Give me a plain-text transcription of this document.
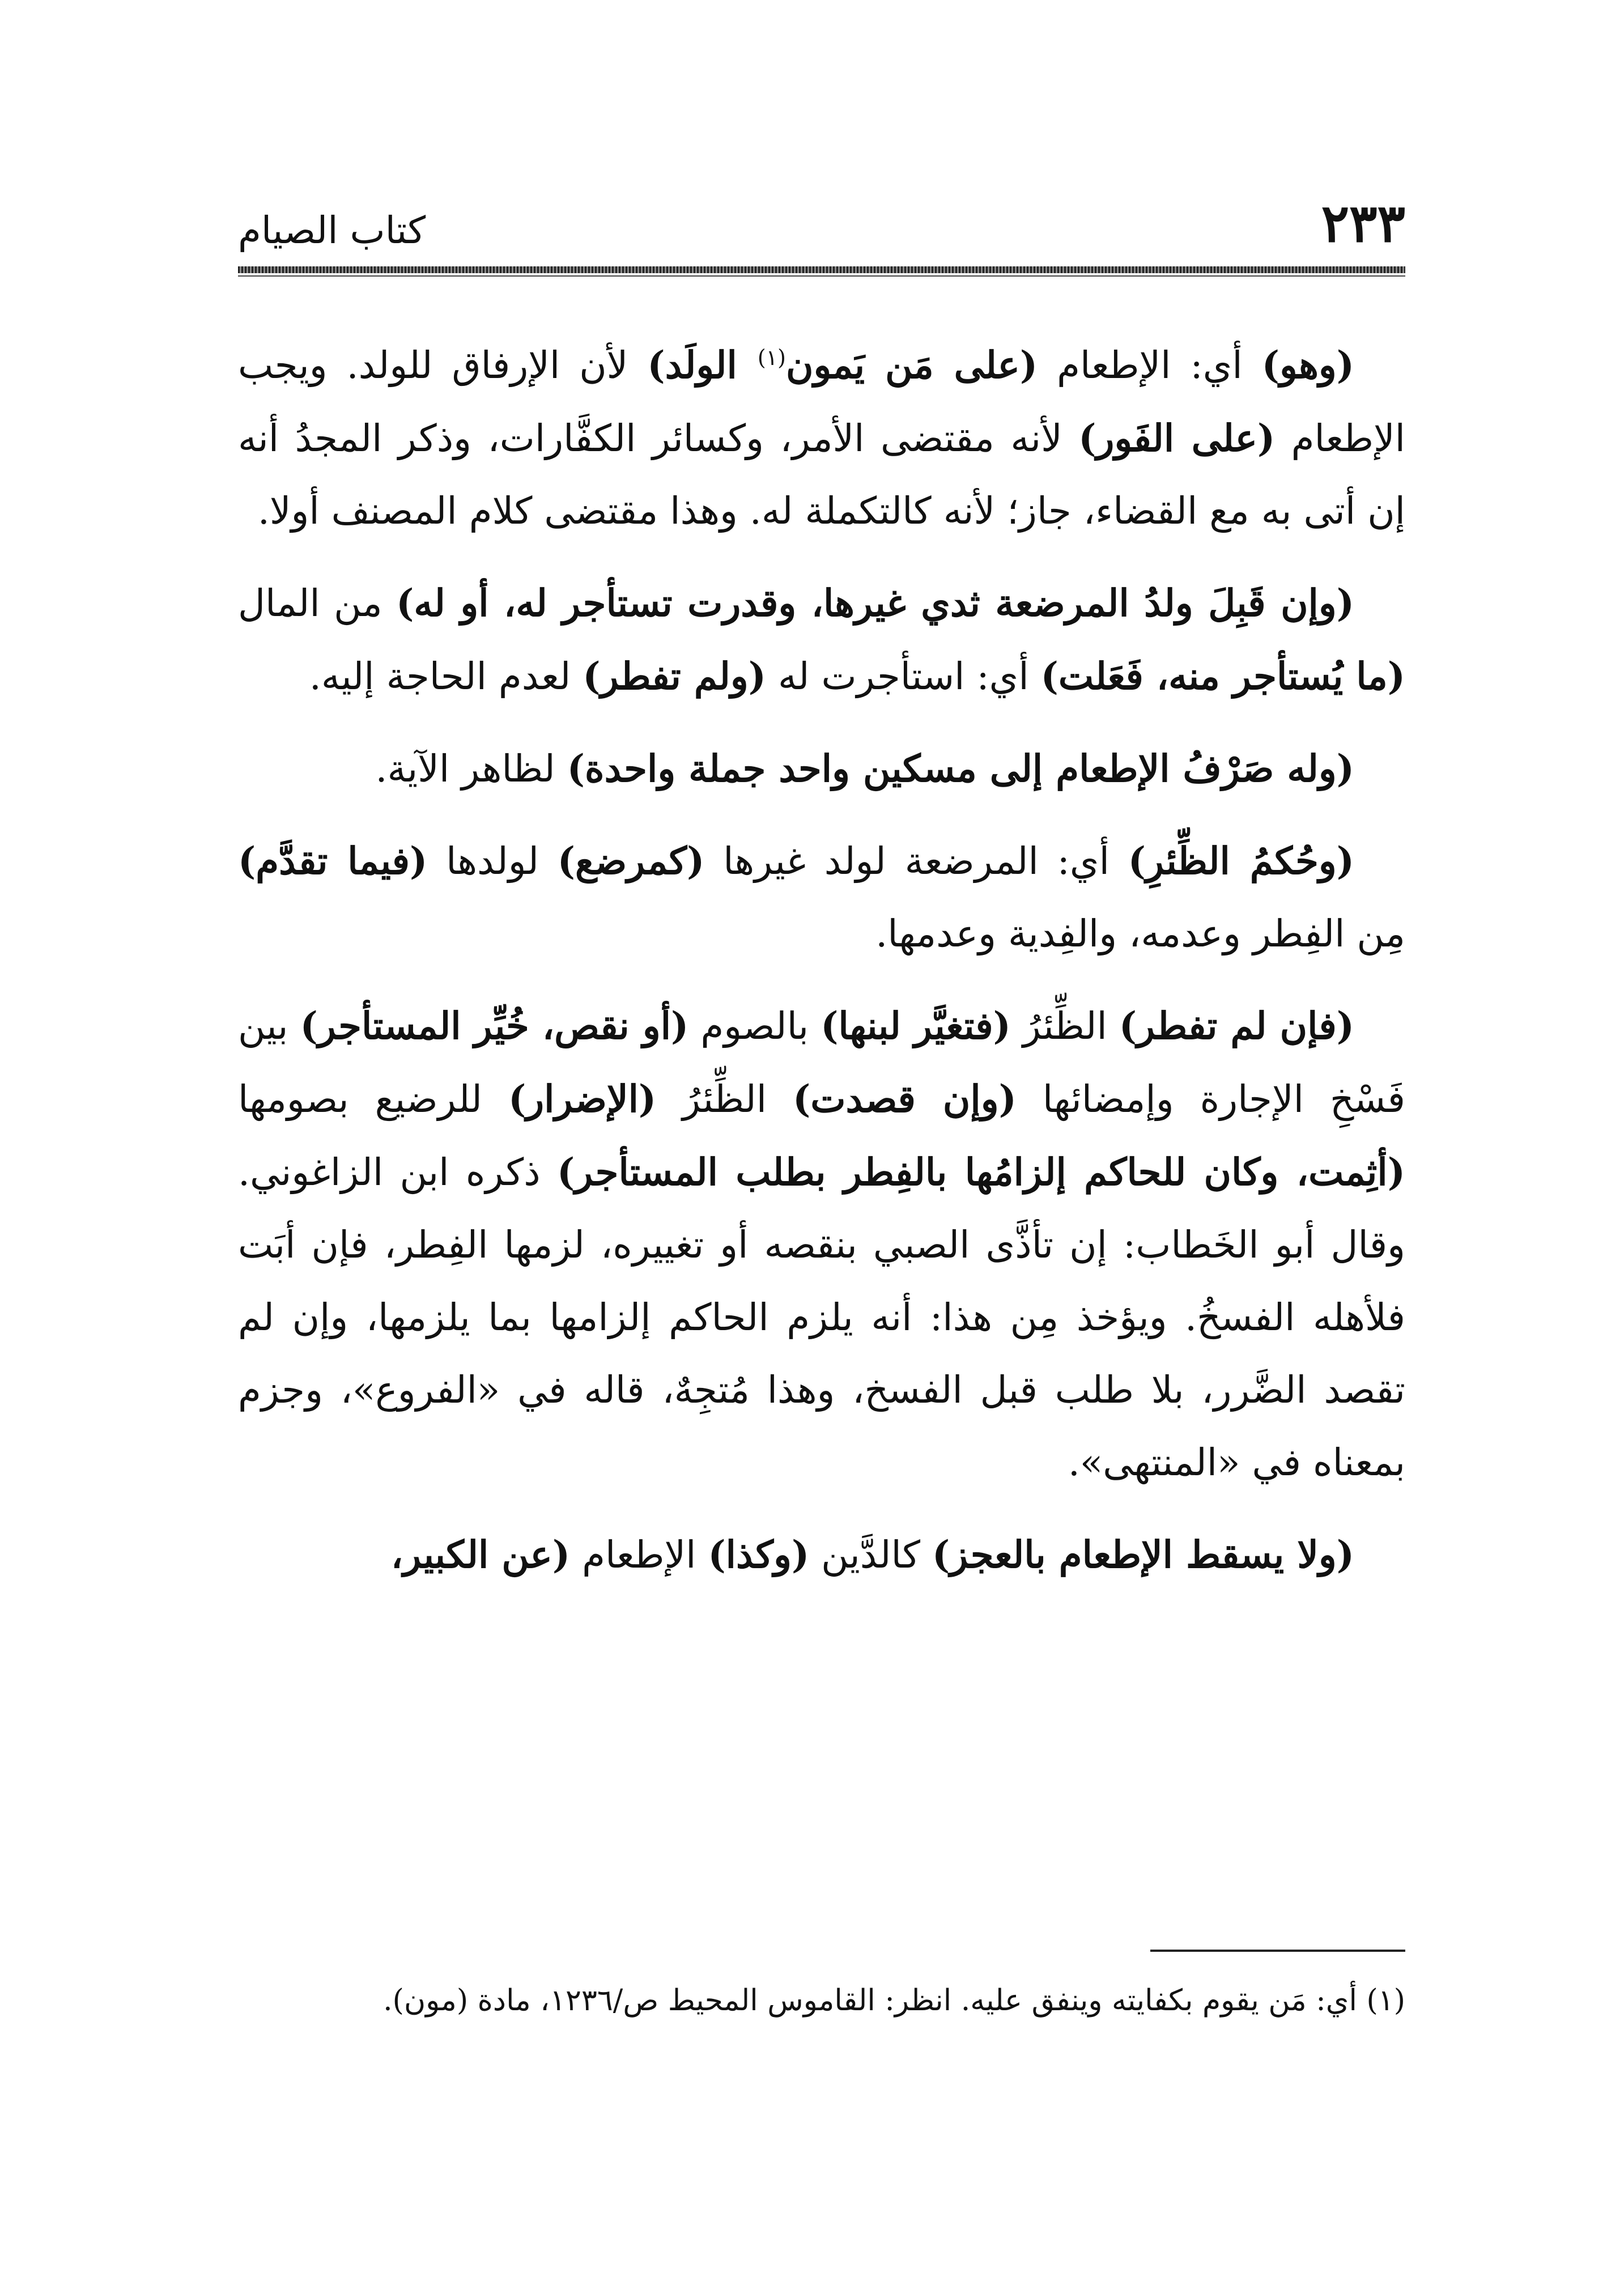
٢٣٣
كتاب الصيام

(وهو) أي: الإطعام (على مَن يَمون$^{(١)}$ الولَد) لأن الإرفاق للولد. ويجب الإطعام (على الفَور) لأنه مقتضى الأمر، وكسائر الكفَّارات، وذكر المجدُ أنه إن أتى به مع القضاء، جاز؛ لأنه كالتكملة له. وهذا مقتضى كلام المصنف أولا.

(وإن قَبِلَ ولدُ المرضعة ثدي غيرها، وقدرت تستأجر له، أو له) من المال (ما يُستأجر منه، فَعَلت) أي: استأجرت له (ولم تفطر) لعدم الحاجة إليه.

(وله صَرْفُ الإطعام إلى مسكين واحد جملة واحدة) لظاهر الآية.

(وحُكمُ الظِّئرِ) أي: المرضعة لولد غيرها (كمرضع) لولدها (فيما تقدَّم) مِن الفِطر وعدمه، والفِدية وعدمها.

(فإن لم تفطر) الظِّئرُ (فتغيَّر لبنها) بالصوم (أو نقص، خُيِّر المستأجر) بين فَسْخِ الإجارة وإمضائها (وإن قصدت) الظِّئرُ (الإضرار) للرضيع بصومها (أثِمت، وكان للحاكم إلزامُها بالفِطر بطلب المستأجر) ذكره ابن الزاغوني. وقال أبو الخَطاب: إن تأذَّى الصبي بنقصه أو تغييره، لزمها الفِطر، فإن أبَت فلأهله الفسخُ. ويؤخذ مِن هذا: أنه يلزم الحاكم إلزامها بما يلزمها، وإن لم تقصد الضَّرر، بلا طلب قبل الفسخ، وهذا مُتجِهٌ، قاله في «الفروع»، وجزم بمعناه في «المنتهى».

(ولا يسقط الإطعام بالعجز) كالدَّين (وكذا) الإطعام (عن الكبير،

(١) أي: مَن يقوم بكفايته وينفق عليه. انظر: القاموس المحيط ص/١٢٣٦، مادة (مون).
